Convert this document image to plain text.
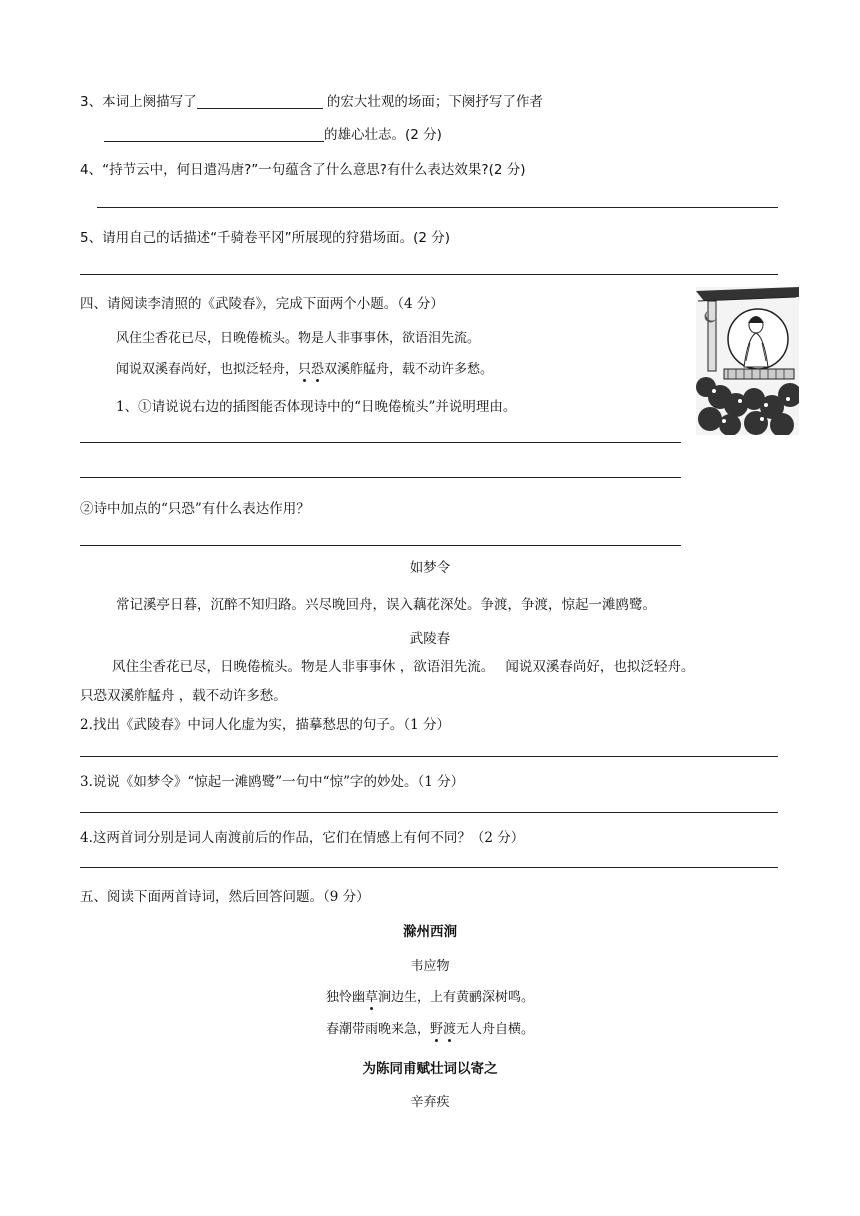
3、本词上阕描写了	的宏大壮观的场面；下阕抒写了作者
的雄心壮志。(2 分)
4、“持节云中，何日遣冯唐?”一句蕴含了什么意思?有什么表达效果?(2 分)
5、请用自己的话描述“千骑卷平冈”所展现的狩猎场面。(2 分)
四、请阅读李清照的《武陵春》，完成下面两个小题。（4 分）
风住尘香花已尽，日晚倦梳头。物是人非事事休，欲语泪先流。
闻说双溪春尚好，也拟泛轻舟，只恐双溪舴艋舟，载不动许多愁。
1、①请说说右边的插图能否体现诗中的“日晚倦梳头”并说明理由。
②诗中加点的“只恐”有什么表达作用？
如梦令
常记溪亭日暮，沉醉不知归路。兴尽晚回舟，误入藕花深处。争渡，争渡，惊起一滩鸥鹭。
武陵春
风住尘香花已尽，日晚倦梳头。物是人非事事休 ，欲语泪先流。　 闻说双溪春尚好，也拟泛轻舟。
只恐双溪舴艋舟 ，载不动许多愁。
2.找出《武陵春》中词人化虚为实，描摹愁思的句子。（1 分）
3.说说《如梦令》“惊起一滩鸥鹭”一句中“惊”字的妙处。（1 分）
4.这两首词分别是词人南渡前后的作品，它们在情感上有何不同？（2 分）
五、阅读下面两首诗词，然后回答问题。（9 分）
滁州西涧
韦应物
独怜幽草涧边生，上有黄鹂深树鸣。
春潮带雨晚来急，野渡无人舟自横。
为陈同甫赋壮词以寄之
辛弃疾
